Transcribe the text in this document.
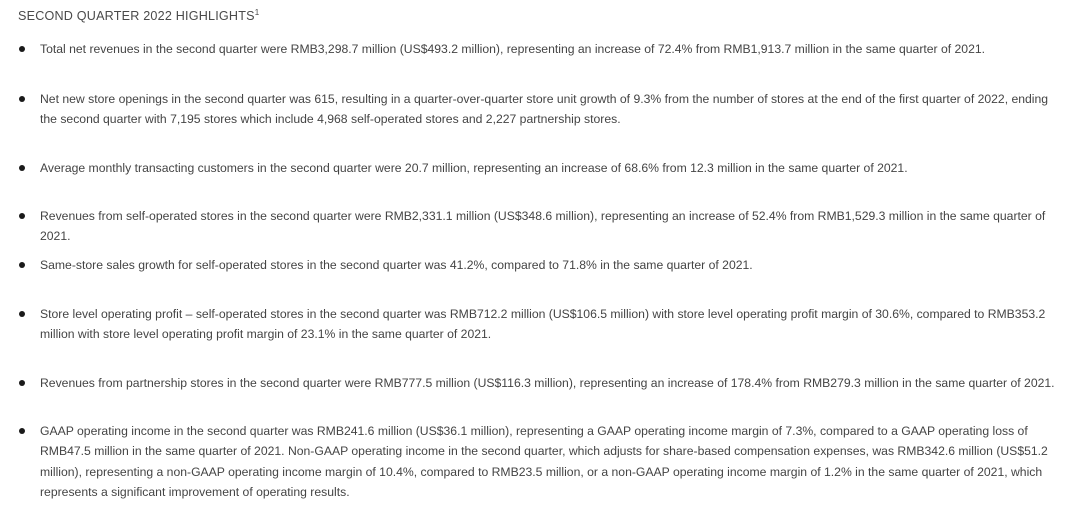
SECOND QUARTER 2022 HIGHLIGHTS$^1$
Total net revenues in the second quarter were RMB3,298.7 million (US$493.2 million), representing an increase of 72.4% from RMB1,913.7 million in the same quarter of 2021.
Net new store openings in the second quarter was 615, resulting in a quarter-over-quarter store unit growth of 9.3% from the number of stores at the end of the first quarter of 2022, ending the second quarter with 7,195 stores which include 4,968 self-operated stores and 2,227 partnership stores.
Average monthly transacting customers in the second quarter were 20.7 million, representing an increase of 68.6% from 12.3 million in the same quarter of 2021.
Revenues from self-operated stores in the second quarter were RMB2,331.1 million (US$348.6 million), representing an increase of 52.4% from RMB1,529.3 million in the same quarter of 2021.
Same-store sales growth for self-operated stores in the second quarter was 41.2%, compared to 71.8% in the same quarter of 2021.
Store level operating profit – self-operated stores in the second quarter was RMB712.2 million (US$106.5 million) with store level operating profit margin of 30.6%, compared to RMB353.2 million with store level operating profit margin of 23.1% in the same quarter of 2021.
Revenues from partnership stores in the second quarter were RMB777.5 million (US$116.3 million), representing an increase of 178.4% from RMB279.3 million in the same quarter of 2021.
GAAP operating income in the second quarter was RMB241.6 million (US$36.1 million), representing a GAAP operating income margin of 7.3%, compared to a GAAP operating loss of RMB47.5 million in the same quarter of 2021. Non-GAAP operating income in the second quarter, which adjusts for share-based compensation expenses, was RMB342.6 million (US$51.2 million), representing a non-GAAP operating income margin of 10.4%, compared to RMB23.5 million, or a non-GAAP operating income margin of 1.2% in the same quarter of 2021, which represents a significant improvement of operating results.
